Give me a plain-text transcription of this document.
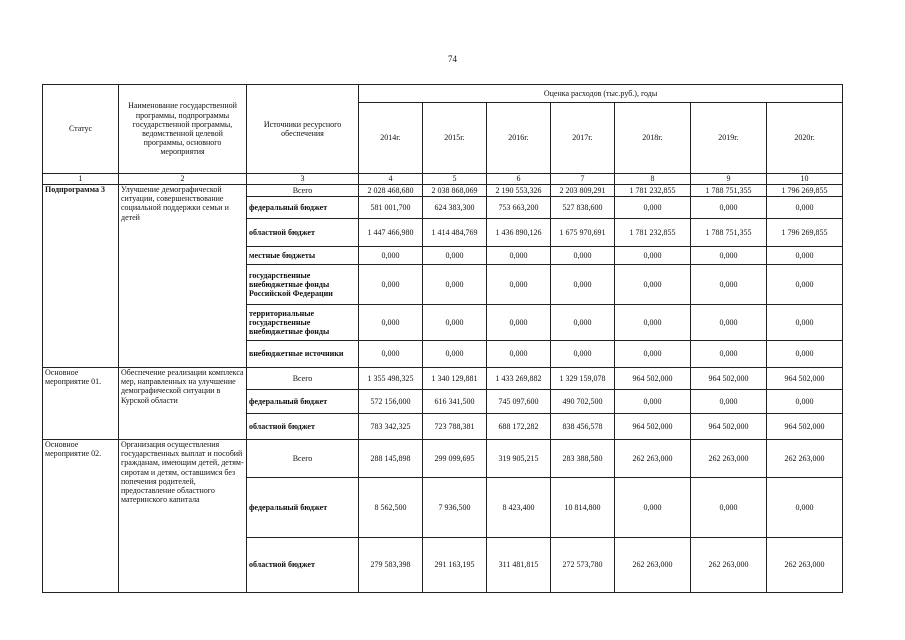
74
Статус	Наименование государственной программы, подпрограммы государственной программы, ведомственной целевой программы, основного мероприятия	Источники ресурсного обеспечения	Оценка расходов (тыс.руб.), годы						
			2014г.	2015г.	2016г.	2017г.	2018г.	2019г.	2020г.
1	2	3	4	5	6	7	8	9	10
Подпрограмма 3	Улучшение демографической ситуации, совершенствование социальной поддержки семьи и детей	Всего	2 028 468,680	2 038 868,069	2 190 553,326	2 203 809,291	1 781 232,855	1 788 751,355	1 796 269,855
		федеральный бюджет	581 001,700	624 383,300	753 663,200	527 838,600	0,000	0,000	0,000
		областной бюджет	1 447 466,980	1 414 484,769	1 436 890,126	1 675 970,691	1 781 232,855	1 788 751,355	1 796 269,855
		местные бюджеты	0,000	0,000	0,000	0,000	0,000	0,000	0,000
		государственные внебюджетные фонды Российской Федерации	0,000	0,000	0,000	0,000	0,000	0,000	0,000
		территориальные государственные внебюджетные фонды	0,000	0,000	0,000	0,000	0,000	0,000	0,000
		внебюджетные источники	0,000	0,000	0,000	0,000	0,000	0,000	0,000
Основное мероприятие 01.	Обеспечение реализации комплекса мер, направленных на улучшение демографической ситуации в Курской области	Всего	1 355 498,325	1 340 129,881	1 433 269,882	1 329 159,078	964 502,000	964 502,000	964 502,000
		федеральный бюджет	572 156,000	616 341,500	745 097,600	490 702,500	0,000	0,000	0,000
		областной бюджет	783 342,325	723 788,381	688 172,282	838 456,578	964 502,000	964 502,000	964 502,000
Основное мероприятие 02.	Организация осуществления государственных выплат и пособий гражданам, имеющим детей, детям-сиротам и детям, оставшимся без попечения родителей, предоставление областного материнского капитала	Всего	288 145,898	299 099,695	319 905,215	283 388,580	262 263,000	262 263,000	262 263,000
		федеральный бюджет	8 562,500	7 936,500	8 423,400	10 814,800	0,000	0,000	0,000
		областной бюджет	279 583,398	291 163,195	311 481,815	272 573,780	262 263,000	262 263,000	262 263,000
